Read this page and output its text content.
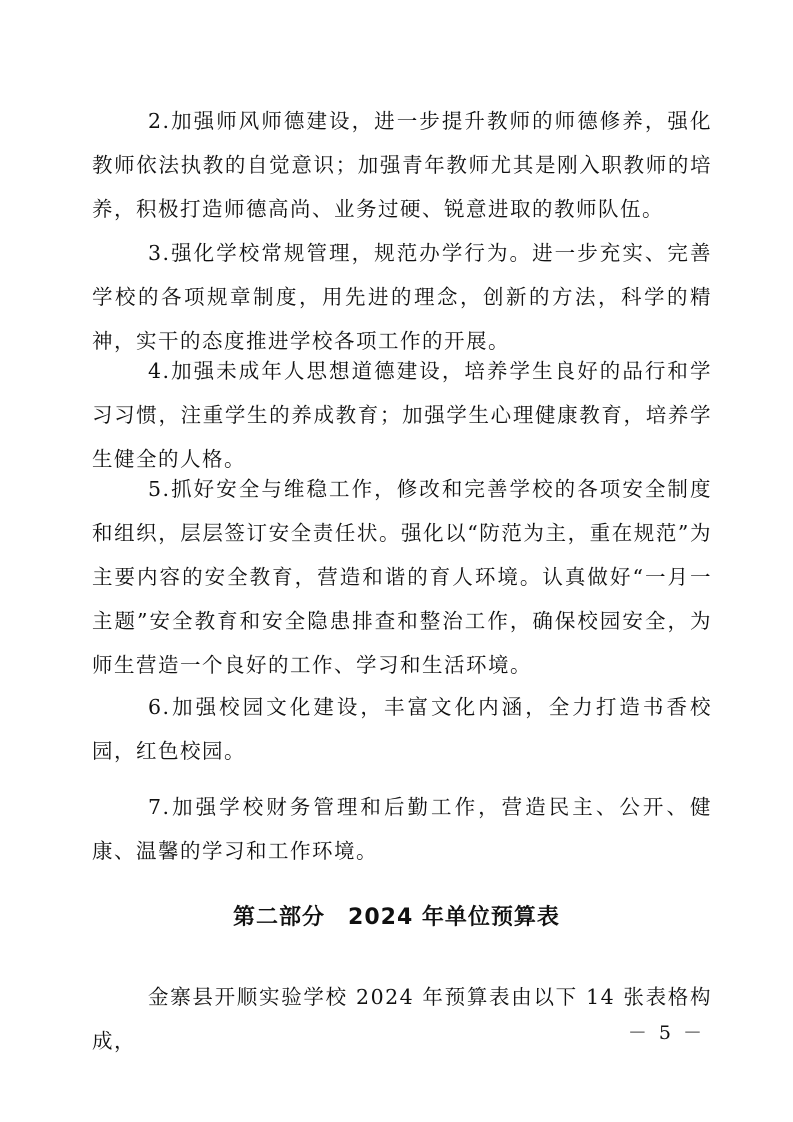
2.加强师风师德建设，进一步提升教师的师德修养，强化教师依法执教的自觉意识；加强青年教师尤其是刚入职教师的培养，积极打造师德高尚、业务过硬、锐意进取的教师队伍。

3.强化学校常规管理，规范办学行为。进一步充实、完善学校的各项规章制度，用先进的理念，创新的方法，科学的精神，实干的态度推进学校各项工作的开展。

4.加强未成年人思想道德建设，培养学生良好的品行和学习习惯，注重学生的养成教育；加强学生心理健康教育，培养学生健全的人格。

5.抓好安全与维稳工作，修改和完善学校的各项安全制度和组织，层层签订安全责任状。强化以“防范为主，重在规范”为主要内容的安全教育，营造和谐的育人环境。认真做好“一月一主题”安全教育和安全隐患排查和整治工作，确保校园安全，为师生营造一个良好的工作、学习和生活环境。

6.加强校园文化建设，丰富文化内涵，全力打造书香校园，红色校园。

7.加强学校财务管理和后勤工作，营造民主、公开、健康、温馨的学习和工作环境。

第二部分　2024 年单位预算表

金寨县开顺实验学校 2024 年预算表由以下 14 张表格构成，	－ 5 －
